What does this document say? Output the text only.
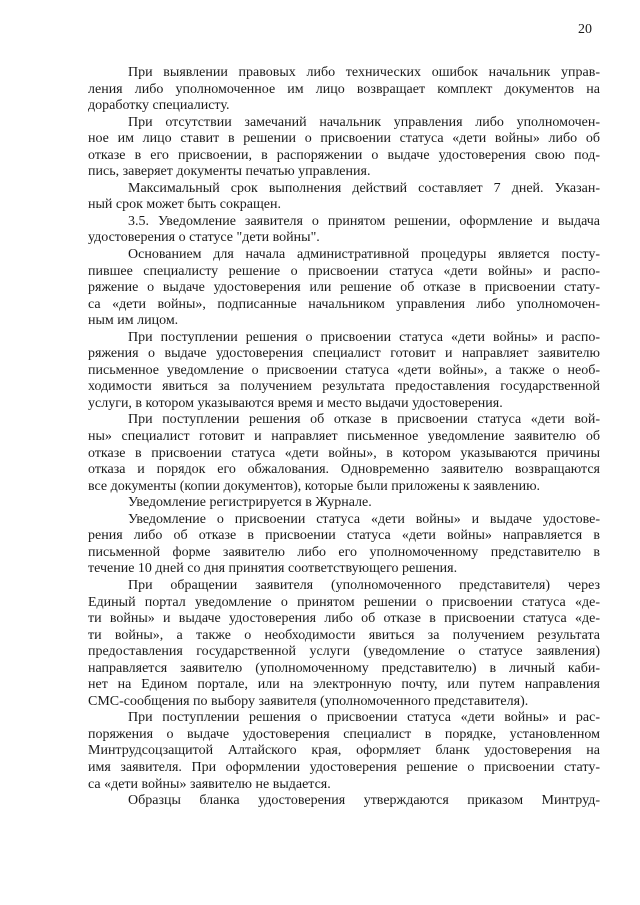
20
При выявлении правовых либо технических ошибок начальник управ-
ления либо уполномоченное им лицо возвращает комплект документов на
доработку специалисту.
При отсутствии замечаний начальник управления либо уполномочен-
ное им лицо ставит в решении о присвоении статуса «дети войны» либо об
отказе в его присвоении, в распоряжении о выдаче удостоверения свою под-
пись, заверяет документы печатью управления.
Максимальный срок выполнения действий составляет 7 дней. Указан-
ный срок может быть сокращен.
3.5. Уведомление заявителя о принятом решении, оформление и выдача
удостоверения о статусе "дети войны".
Основанием для начала административной процедуры является посту-
пившее специалисту решение о присвоении статуса «дети войны» и распо-
ряжение о выдаче удостоверения или решение об отказе в присвоении стату-
са «дети войны», подписанные начальником управления либо уполномочен-
ным им лицом.
При поступлении решения о присвоении статуса «дети войны» и распо-
ряжения о выдаче удостоверения специалист готовит и направляет заявителю
письменное уведомление о присвоении статуса «дети войны», а также о необ-
ходимости явиться за получением результата предоставления государственной
услуги, в котором указываются время и место выдачи удостоверения.
При поступлении решения об отказе в присвоении статуса «дети вой-
ны» специалист готовит и направляет письменное уведомление заявителю об
отказе в присвоении статуса «дети войны», в котором указываются причины
отказа и порядок его обжалования. Одновременно заявителю возвращаются
все документы (копии документов), которые были приложены к заявлению.
Уведомление регистрируется в Журнале.
Уведомление о присвоении статуса «дети войны» и выдаче удостове-
рения либо об отказе в присвоении статуса «дети войны» направляется в
письменной форме заявителю либо его уполномоченному представителю в
течение 10 дней со дня принятия соответствующего решения.
При обращении заявителя (уполномоченного представителя) через
Единый портал уведомление о принятом решении о присвоении статуса «де-
ти войны» и выдаче удостоверения либо об отказе в присвоении статуса «де-
ти войны», а также о необходимости явиться за получением результата
предоставления государственной услуги (уведомление о статусе заявления)
направляется заявителю (уполномоченному представителю) в личный каби-
нет на Едином портале, или на электронную почту, или путем направления
СМС-сообщения по выбору заявителя (уполномоченного представителя).
При поступлении решения о присвоении статуса «дети войны» и рас-
поряжения о выдаче удостоверения специалист в порядке, установленном
Минтрудсоцзащитой Алтайского края, оформляет бланк удостоверения на
имя заявителя. При оформлении удостоверения решение о присвоении стату-
са «дети войны» заявителю не выдается.
Образцы бланка удостоверения утверждаются приказом Минтруд-
